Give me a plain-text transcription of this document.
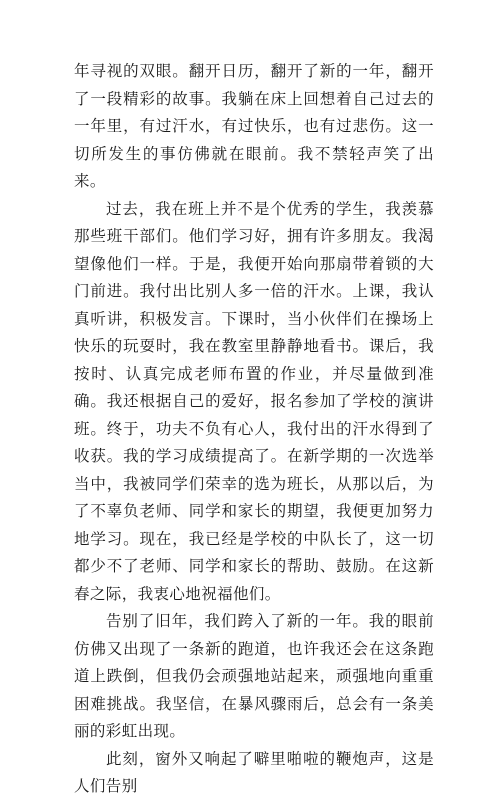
年寻视的双眼。翻开日历，翻开了新的一年，翻开了一段精彩的故事。我躺在床上回想着自己过去的一年里，有过汗水，有过快乐，也有过悲伤。这一切所发生的事仿佛就在眼前。我不禁轻声笑了出来。

过去，我在班上并不是个优秀的学生，我羡慕那些班干部们。他们学习好，拥有许多朋友。我渴望像他们一样。于是，我便开始向那扇带着锁的大门前进。我付出比别人多一倍的汗水。上课，我认真听讲，积极发言。下课时，当小伙伴们在操场上快乐的玩耍时，我在教室里静静地看书。课后，我按时、认真完成老师布置的作业，并尽量做到准确。我还根据自己的爱好，报名参加了学校的演讲班。终于，功夫不负有心人，我付出的汗水得到了收获。我的学习成绩提高了。在新学期的一次选举当中，我被同学们荣幸的选为班长，从那以后，为了不辜负老师、同学和家长的期望，我便更加努力地学习。现在，我已经是学校的中队长了，这一切都少不了老师、同学和家长的帮助、鼓励。在这新春之际，我衷心地祝福他们。

告别了旧年，我们跨入了新的一年。我的眼前仿佛又出现了一条新的跑道，也许我还会在这条跑道上跌倒，但我仍会顽强地站起来，顽强地向重重困难挑战。我坚信，在暴风骤雨后，总会有一条美丽的彩虹出现。

此刻，窗外又响起了噼里啪啦的鞭炮声，这是人们告别
